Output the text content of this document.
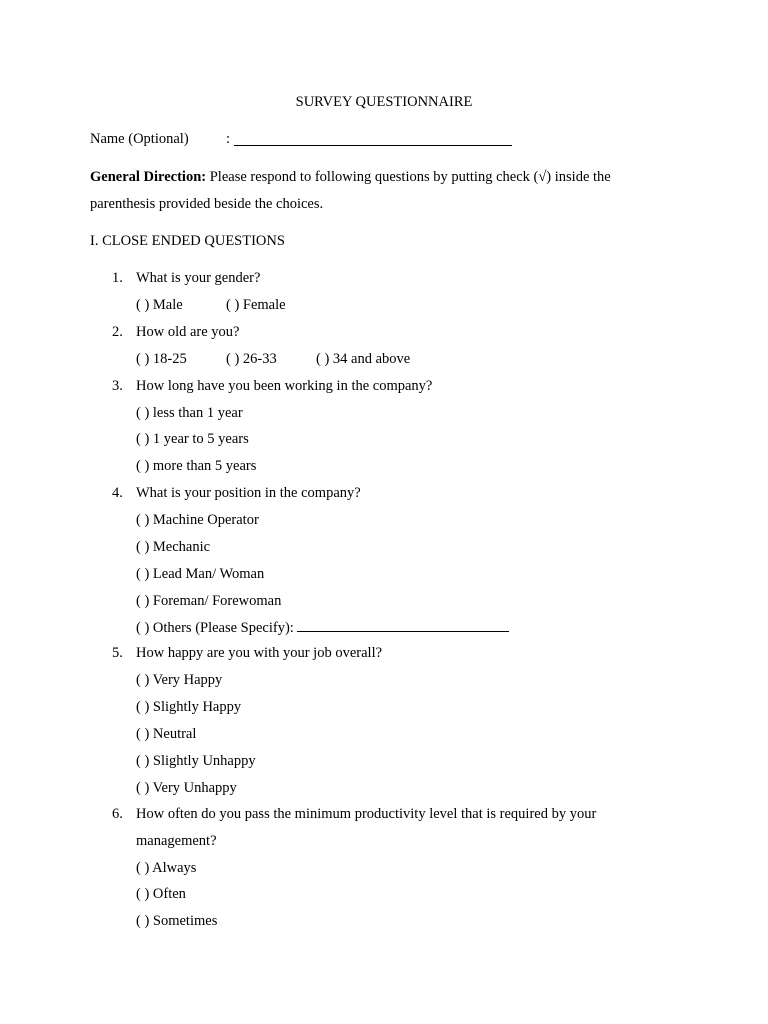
SURVEY QUESTIONNAIRE
Name (Optional)	:
General Direction: Please respond to following questions by putting check (√) inside the
parenthesis provided beside the choices.
I. CLOSE ENDED QUESTIONS
1. What is your gender?
( ) Male	( ) Female
2. How old are you?
( ) 18-25	( ) 26-33	( ) 34 and above
3. How long have you been working in the company?
( ) less than 1 year
( ) 1 year to 5 years
( ) more than 5 years
4. What is your position in the company?
( ) Machine Operator
( ) Mechanic
( ) Lead Man/ Woman
( ) Foreman/ Forewoman
( ) Others (Please Specify):
5. How happy are you with your job overall?
( ) Very Happy
( ) Slightly Happy
( ) Neutral
( ) Slightly Unhappy
( ) Very Unhappy
6. How often do you pass the minimum productivity level that is required by your
management?
( ) Always
( ) Often
( ) Sometimes
